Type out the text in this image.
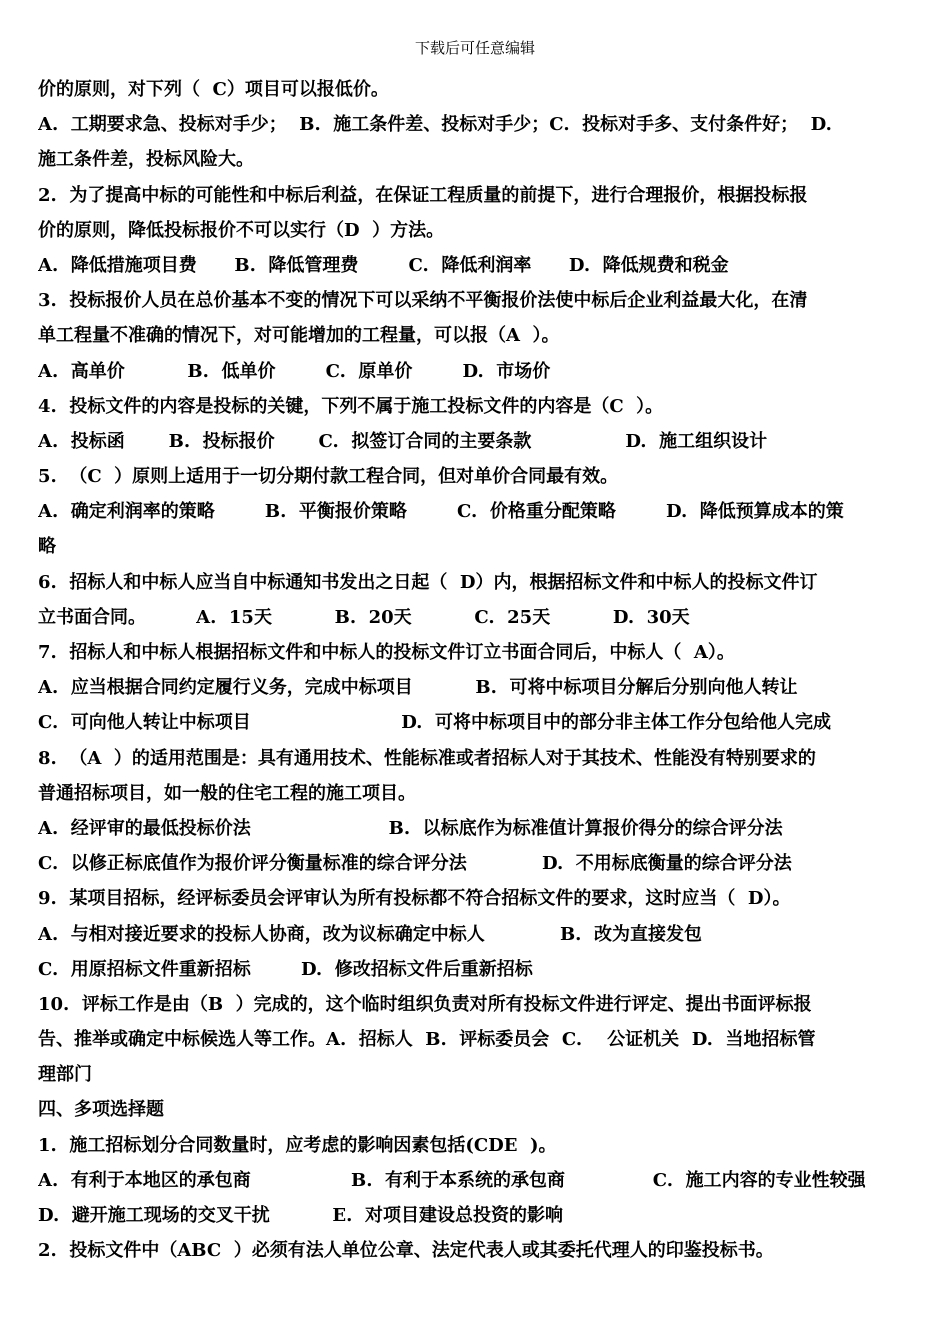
下载后可任意编辑
价的原则，对下列（  C）项目可以报低价。
A.  工期要求急、投标对手少；  B.  施工条件差、投标对手少；C.  投标对手多、支付条件好；  D.
施工条件差，投标风险大。
2.  为了提高中标的可能性和中标后利益，在保证工程质量的前提下，进行合理报价，根据投标报
价的原则，降低投标报价不可以实行（D  ）方法。
A.  降低措施项目费      B.  降低管理费        C.  降低利润率      D.  降低规费和税金
3.  投标报价人员在总价基本不变的情况下可以采纳不平衡报价法使中标后企业利益最大化，在清
单工程量不准确的情况下，对可能增加的工程量，可以报（A  ）。
A.  高单价          B.  低单价        C.  原单价        D.  市场价
4.  投标文件的内容是投标的关键，下列不属于施工投标文件的内容是（C  ）。
A.  投标函       B.  投标报价       C.  拟签订合同的主要条款               D.  施工组织设计
5.  （C  ）原则上适用于一切分期付款工程合同，但对单价合同最有效。
A.  确定利润率的策略        B.  平衡报价策略        C.  价格重分配策略        D.  降低预算成本的策
略
6.  招标人和中标人应当自中标通知书发出之日起（  D）内，根据招标文件和中标人的投标文件订
立书面合同。        A.  15天          B.  20天          C.  25天          D.  30天
7.  招标人和中标人根据招标文件和中标人的投标文件订立书面合同后，中标人（  A）。
A.  应当根据合同约定履行义务，完成中标项目          B.  可将中标项目分解后分别向他人转让
C.  可向他人转让中标项目                        D.  可将中标项目中的部分非主体工作分包给他人完成
8.  （A  ）的适用范围是：具有通用技术、性能标准或者招标人对于其技术、性能没有特别要求的
普通招标项目，如一般的住宅工程的施工项目。
A.  经评审的最低投标价法                      B.  以标底作为标准值计算报价得分的综合评分法
C.  以修正标底值作为报价评分衡量标准的综合评分法            D.  不用标底衡量的综合评分法
9.  某项目招标，经评标委员会评审认为所有投标都不符合招标文件的要求，这时应当（  D）。
A.  与相对接近要求的投标人协商，改为议标确定中标人            B.  改为直接发包
C.  用原招标文件重新招标        D.  修改招标文件后重新招标
10.  评标工作是由（B  ）完成的，这个临时组织负责对所有投标文件进行评定、提出书面评标报
告、推举或确定中标候选人等工作。A.  招标人  B.  评标委员会  C.    公证机关  D.  当地招标管
理部门
四、多项选择题
1.  施工招标划分合同数量时，应考虑的影响因素包括(CDE  )。
A.  有利于本地区的承包商                B.  有利于本系统的承包商              C.  施工内容的专业性较强
D.  避开施工现场的交叉干扰          E.  对项目建设总投资的影响
2.  投标文件中（ABC  ）必须有法人单位公章、法定代表人或其委托代理人的印鉴投标书。
